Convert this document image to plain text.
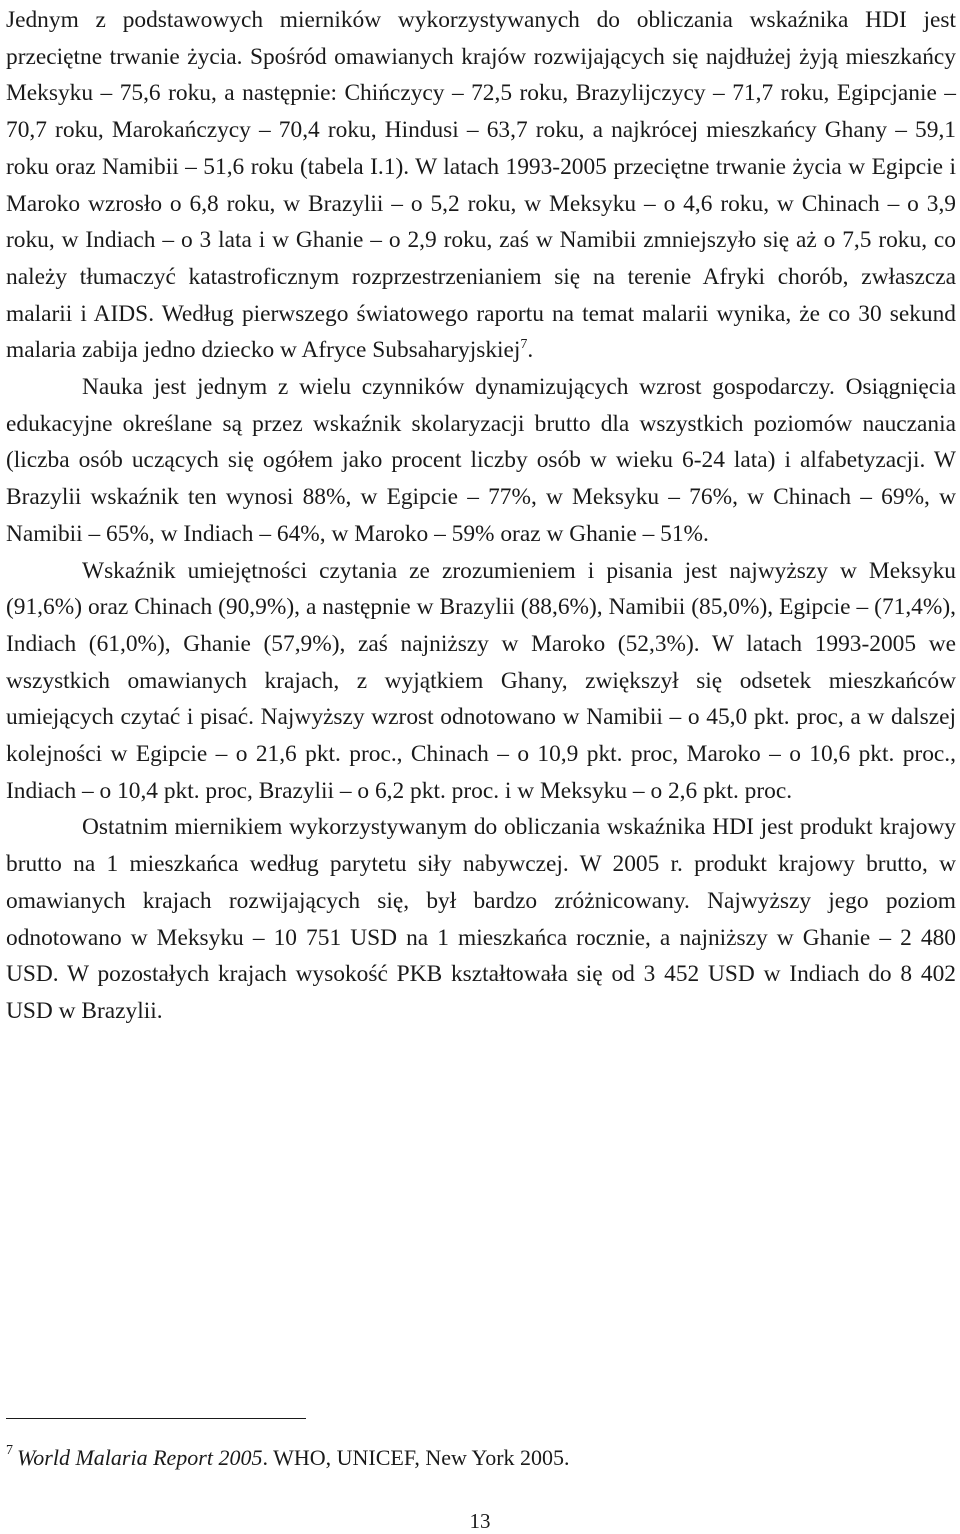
Jednym z podstawowych mierników wykorzystywanych do obliczania wskaźnika HDI jest przeciętne trwanie życia. Spośród omawianych krajów rozwijających się najdłużej żyją mieszkańcy Meksyku – 75,6 roku, a następnie: Chińczycy – 72,5 roku, Brazylijczycy – 71,7 roku, Egipcjanie – 70,7 roku, Marokańczycy – 70,4 roku, Hindusi – 63,7 roku, a najkrócej mieszkańcy Ghany – 59,1 roku oraz Namibii – 51,6 roku (tabela I.1). W latach 1993-2005 przeciętne trwanie życia w Egipcie i Maroko wzrosło o 6,8 roku, w Brazylii – o 5,2 roku, w Meksyku – o 4,6 roku, w Chinach – o 3,9 roku, w Indiach – o 3 lata i w Ghanie – o 2,9 roku, zaś w Namibii zmniejszyło się aż o 7,5 roku, co należy tłumaczyć katastroficznym rozprzestrzenianiem się na terenie Afryki chorób, zwłaszcza malarii i AIDS. Według pierwszego światowego raportu na temat malarii wynika, że co 30 sekund malaria zabija jedno dziecko w Afryce Subsaharyjskiej$^7$.

Nauka jest jednym z wielu czynników dynamizujących wzrost gospodarczy. Osiągnięcia edukacyjne określane są przez wskaźnik skolaryzacji brutto dla wszystkich poziomów nauczania (liczba osób uczących się ogółem jako procent liczby osób w wieku 6-24 lata) i alfabetyzacji. W Brazylii wskaźnik ten wynosi 88%, w Egipcie – 77%, w Meksyku – 76%, w Chinach – 69%, w Namibii – 65%, w Indiach – 64%, w Maroko – 59% oraz w Ghanie – 51%.

Wskaźnik umiejętności czytania ze zrozumieniem i pisania jest najwyższy w Meksyku (91,6%) oraz Chinach (90,9%), a następnie w Brazylii (88,6%), Namibii (85,0%), Egipcie – (71,4%), Indiach (61,0%), Ghanie (57,9%), zaś najniższy w Maroko (52,3%). W latach 1993-2005 we wszystkich omawianych krajach, z wyjątkiem Ghany, zwiększył się odsetek mieszkańców umiejących czytać i pisać. Najwyższy wzrost odnotowano w Namibii – o 45,0 pkt. proc, a w dalszej kolejności w Egipcie – o 21,6 pkt. proc., Chinach – o 10,9 pkt. proc, Maroko – o 10,6 pkt. proc., Indiach – o 10,4 pkt. proc, Brazylii – o 6,2 pkt. proc. i w Meksyku – o 2,6 pkt. proc.

Ostatnim miernikiem wykorzystywanym do obliczania wskaźnika HDI jest produkt krajowy brutto na 1 mieszkańca według parytetu siły nabywczej. W 2005 r. produkt krajowy brutto, w omawianych krajach rozwijających się, był bardzo zróżnicowany. Najwyższy jego poziom odnotowano w Meksyku – 10 751 USD na 1 mieszkańca rocznie, a najniższy w Ghanie – 2 480 USD. W pozostałych krajach wysokość PKB kształtowała się od 3 452 USD w Indiach do 8 402 USD w Brazylii.

$^7$ World Malaria Report 2005. WHO, UNICEF, New York 2005.
13
